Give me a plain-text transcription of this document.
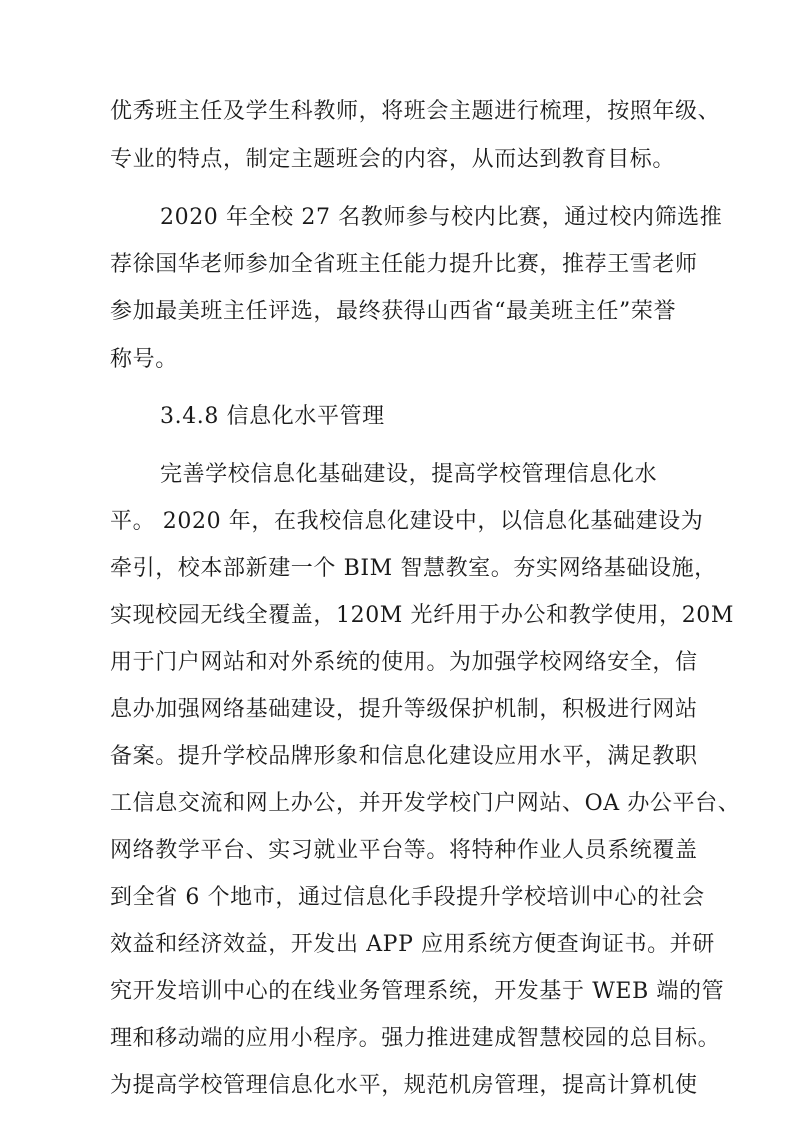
优秀班主任及学生科教师，将班会主题进行梳理，按照年级、
专业的特点，制定主题班会的内容，从而达到教育目标。
2020 年全校 27 名教师参与校内比赛，通过校内筛选推
荐徐国华老师参加全省班主任能力提升比赛，推荐王雪老师
参加最美班主任评选，最终获得山西省“最美班主任”荣誉
称号。
3.4.8 信息化水平管理
完善学校信息化基础建设，提高学校管理信息化水
平。 2020 年，在我校信息化建设中，以信息化基础建设为
牵引，校本部新建一个 BIM 智慧教室。夯实网络基础设施，
实现校园无线全覆盖，120M 光纤用于办公和教学使用，20M
用于门户网站和对外系统的使用。为加强学校网络安全，信
息办加强网络基础建设，提升等级保护机制，积极进行网站
备案。提升学校品牌形象和信息化建设应用水平，满足教职
工信息交流和网上办公，并开发学校门户网站、OA 办公平台、
网络教学平台、实习就业平台等。将特种作业人员系统覆盖
到全省 6 个地市，通过信息化手段提升学校培训中心的社会
效益和经济效益，开发出 APP 应用系统方便查询证书。并研
究开发培训中心的在线业务管理系统，开发基于 WEB 端的管
理和移动端的应用小程序。强力推进建成智慧校园的总目标。
为提高学校管理信息化水平，规范机房管理，提高计算机使
